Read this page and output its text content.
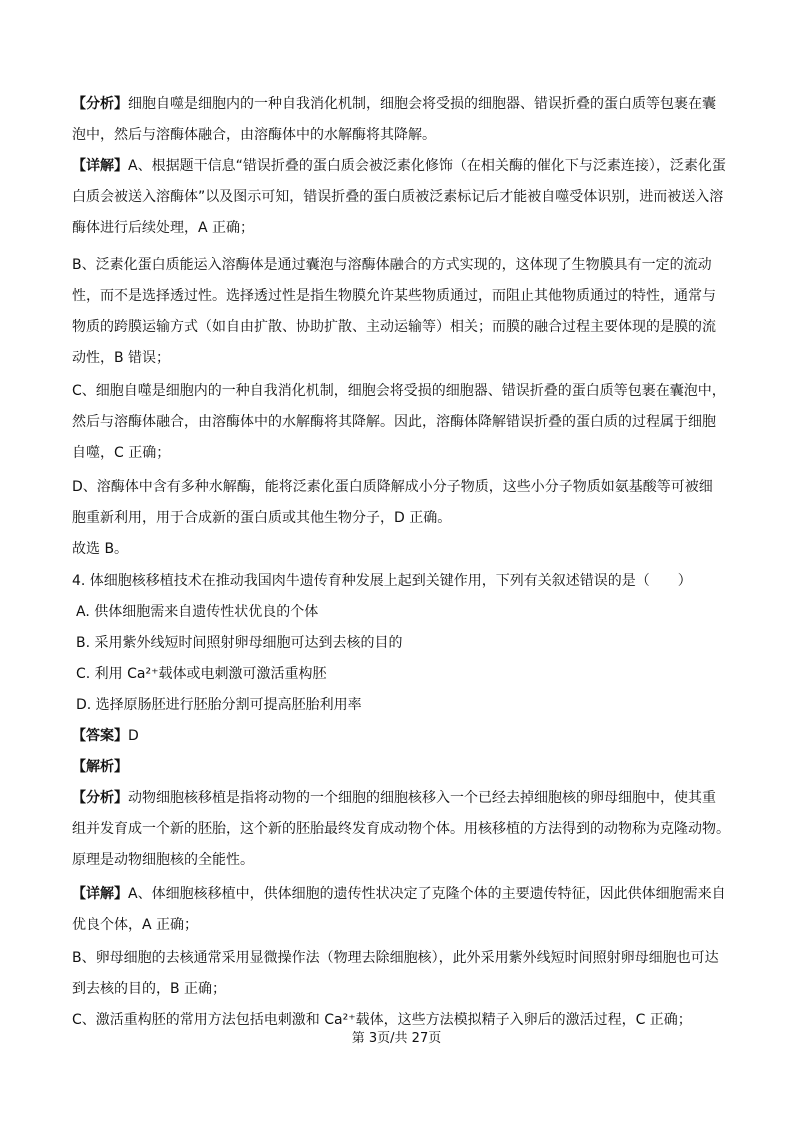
【分析】细胞自噬是细胞内的一种自我消化机制，细胞会将受损的细胞器、错误折叠的蛋白质等包裹在囊
泡中，然后与溶酶体融合，由溶酶体中的水解酶将其降解。
【详解】A、根据题干信息“错误折叠的蛋白质会被泛素化修饰（在相关酶的催化下与泛素连接），泛素化蛋
白质会被送入溶酶体”以及图示可知，错误折叠的蛋白质被泛素标记后才能被自噬受体识别，进而被送入溶
酶体进行后续处理，A 正确；
B、泛素化蛋白质能运入溶酶体是通过囊泡与溶酶体融合的方式实现的，这体现了生物膜具有一定的流动
性，而不是选择透过性。选择透过性是指生物膜允许某些物质通过，而阻止其他物质通过的特性，通常与
物质的跨膜运输方式（如自由扩散、协助扩散、主动运输等）相关；而膜的融合过程主要体现的是膜的流
动性，B 错误；
C、细胞自噬是细胞内的一种自我消化机制，细胞会将受损的细胞器、错误折叠的蛋白质等包裹在囊泡中，
然后与溶酶体融合，由溶酶体中的水解酶将其降解。因此，溶酶体降解错误折叠的蛋白质的过程属于细胞
自噬，C 正确；
D、溶酶体中含有多种水解酶，能将泛素化蛋白质降解成小分子物质，这些小分子物质如氨基酸等可被细
胞重新利用，用于合成新的蛋白质或其他生物分子，D 正确。
故选 B。
4. 体细胞核移植技术在推动我国肉牛遗传育种发展上起到关键作用，下列有关叙述错误的是（　　）
A. 供体细胞需来自遗传性状优良的个体
B. 采用紫外线短时间照射卵母细胞可达到去核的目的
C. 利用 Ca²⁺载体或电刺激可激活重构胚
D. 选择原肠胚进行胚胎分割可提高胚胎利用率
【答案】D
【解析】
【分析】动物细胞核移植是指将动物的一个细胞的细胞核移入一个已经去掉细胞核的卵母细胞中，使其重
组并发育成一个新的胚胎，这个新的胚胎最终发育成动物个体。用核移植的方法得到的动物称为克隆动物。
原理是动物细胞核的全能性。
【详解】A、体细胞核移植中，供体细胞的遗传性状决定了克隆个体的主要遗传特征，因此供体细胞需来自
优良个体，A 正确；
B、卵母细胞的去核通常采用显微操作法（物理去除细胞核），此外采用紫外线短时间照射卵母细胞也可达
到去核的目的，B 正确；
C、激活重构胚的常用方法包括电刺激和 Ca²⁺载体，这些方法模拟精子入卵后的激活过程，C 正确；
第 3页/共 27页
